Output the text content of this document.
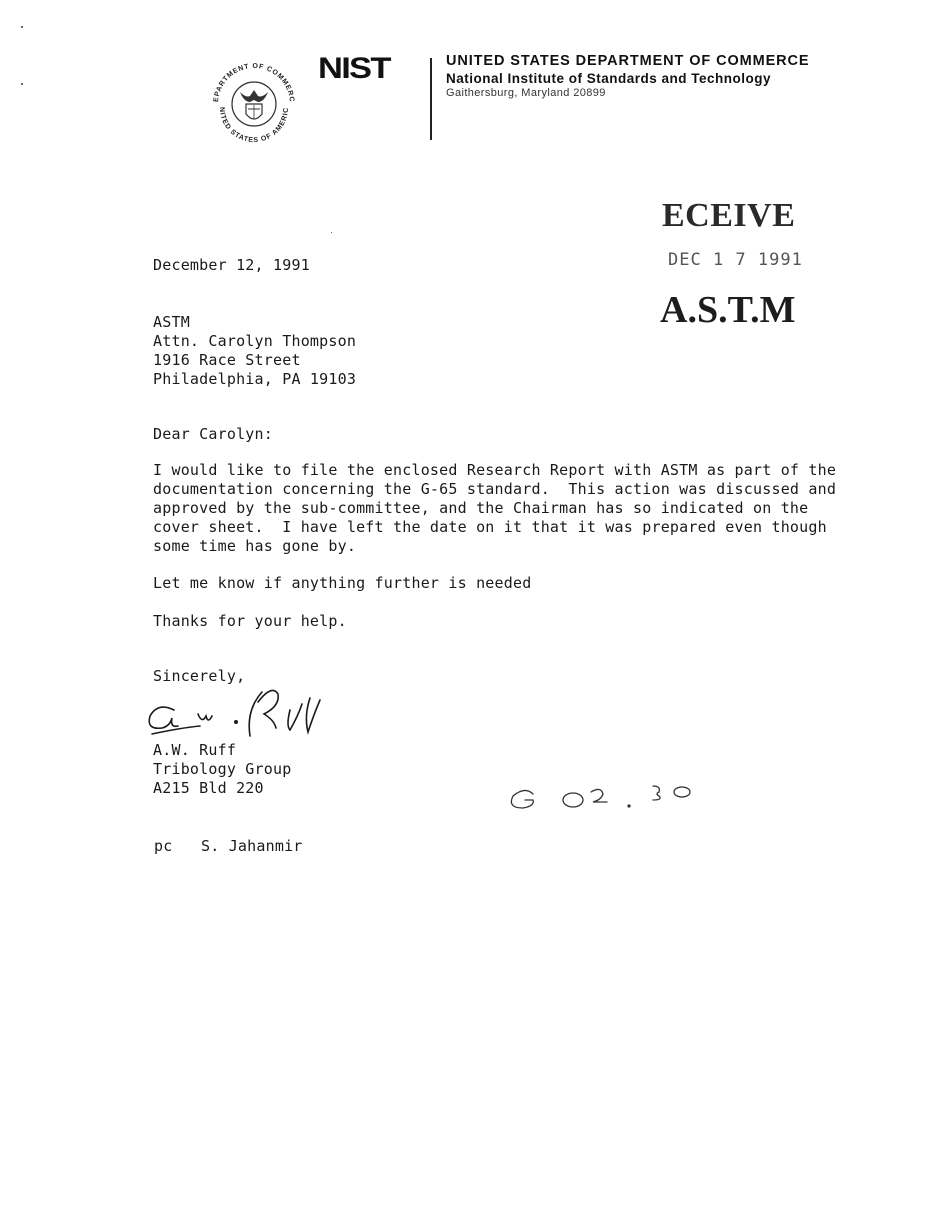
EPARTMENT OF COMMERC
NITED STATES OF AMERIC
NIST	UNITED STATES DEPARTMENT OF COMMERCE
National Institute of Standards and Technology
Gaithersburg, Maryland 20899
ECEIVE
DEC 1 7 1991
A.S.T.M
December 12, 1991
ASTM
Attn. Carolyn Thompson
1916 Race Street
Philadelphia, PA 19103
Dear Carolyn:
I would like to file the enclosed Research Report with ASTM as part of the
documentation concerning the G-65 standard.  This action was discussed and
approved by the sub-committee, and the Chairman has so indicated on the
cover sheet.  I have left the date on it that it was prepared even though
some time has gone by.
Let me know if anything further is needed
Thanks for your help.
Sincerely,
A.W. Ruff
Tribology Group
A215 Bld 220
pc S. Jahanmir
